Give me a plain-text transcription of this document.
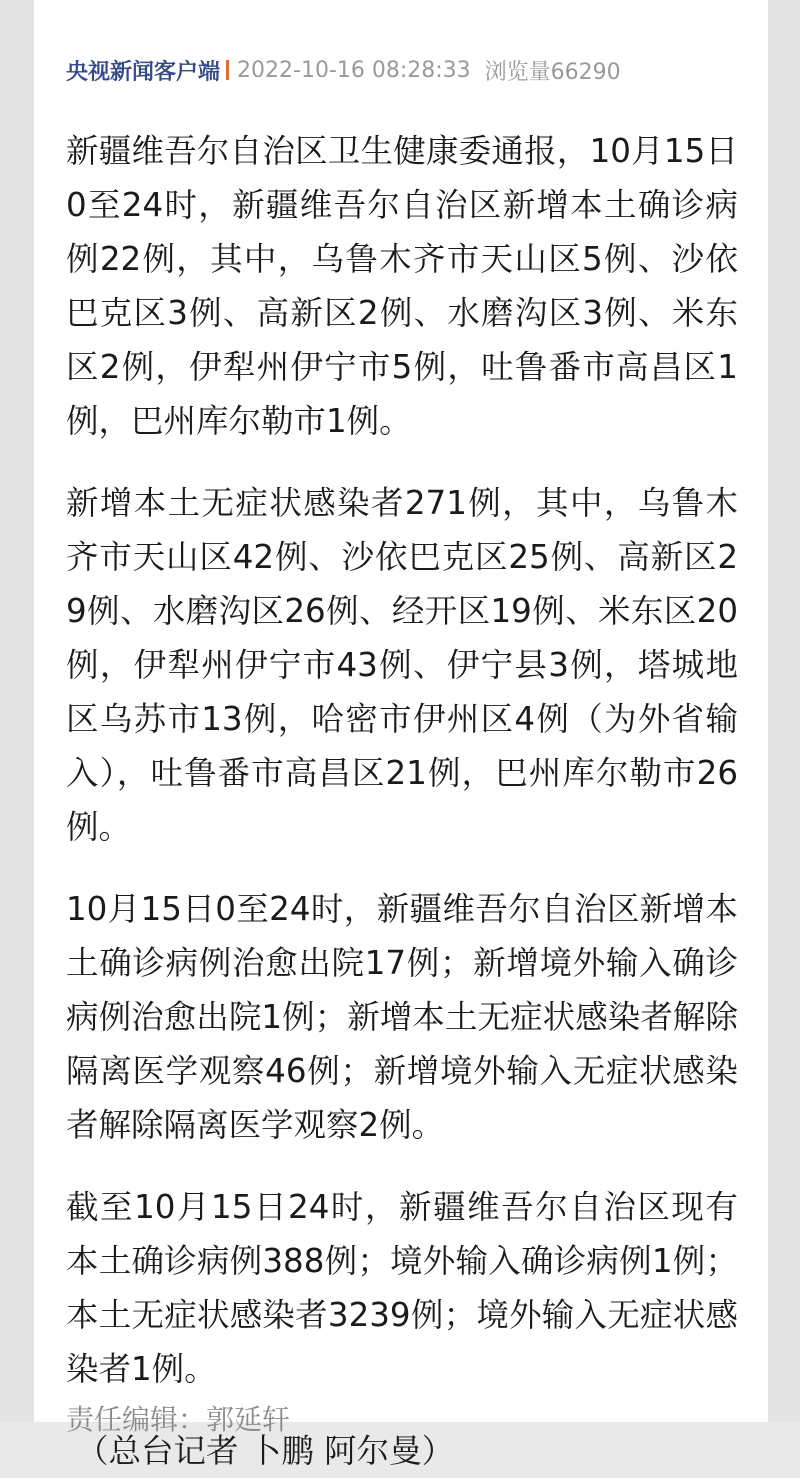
央视新闻客户端 2022-10-16 08:28:33 浏览量66290

新疆维吾尔自治区卫生健康委通报，10月15日0至24时，新疆维吾尔自治区新增本土确诊病例22例，其中，乌鲁木齐市天山区5例、沙依巴克区3例、高新区2例、水磨沟区3例、米东区2例，伊犁州伊宁市5例，吐鲁番市高昌区1例，巴州库尔勒市1例。

新增本土无症状感染者271例，其中，乌鲁木齐市天山区42例、沙依巴克区25例、高新区29例、水磨沟区26例、经开区19例、米东区20例，伊犁州伊宁市43例、伊宁县3例，塔城地区乌苏市13例，哈密市伊州区4例（为外省输入），吐鲁番市高昌区21例，巴州库尔勒市26例。

10月15日0至24时，新疆维吾尔自治区新增本土确诊病例治愈出院17例；新增境外输入确诊病例治愈出院1例；新增本土无症状感染者解除隔离医学观察46例；新增境外输入无症状感染者解除隔离医学观察2例。

截至10月15日24时，新疆维吾尔自治区现有本土确诊病例388例；境外输入确诊病例1例；本土无症状感染者3239例；境外输入无症状感染者1例。

（总台记者 卜鹏 阿尔曼）

责任编辑：郭延轩
